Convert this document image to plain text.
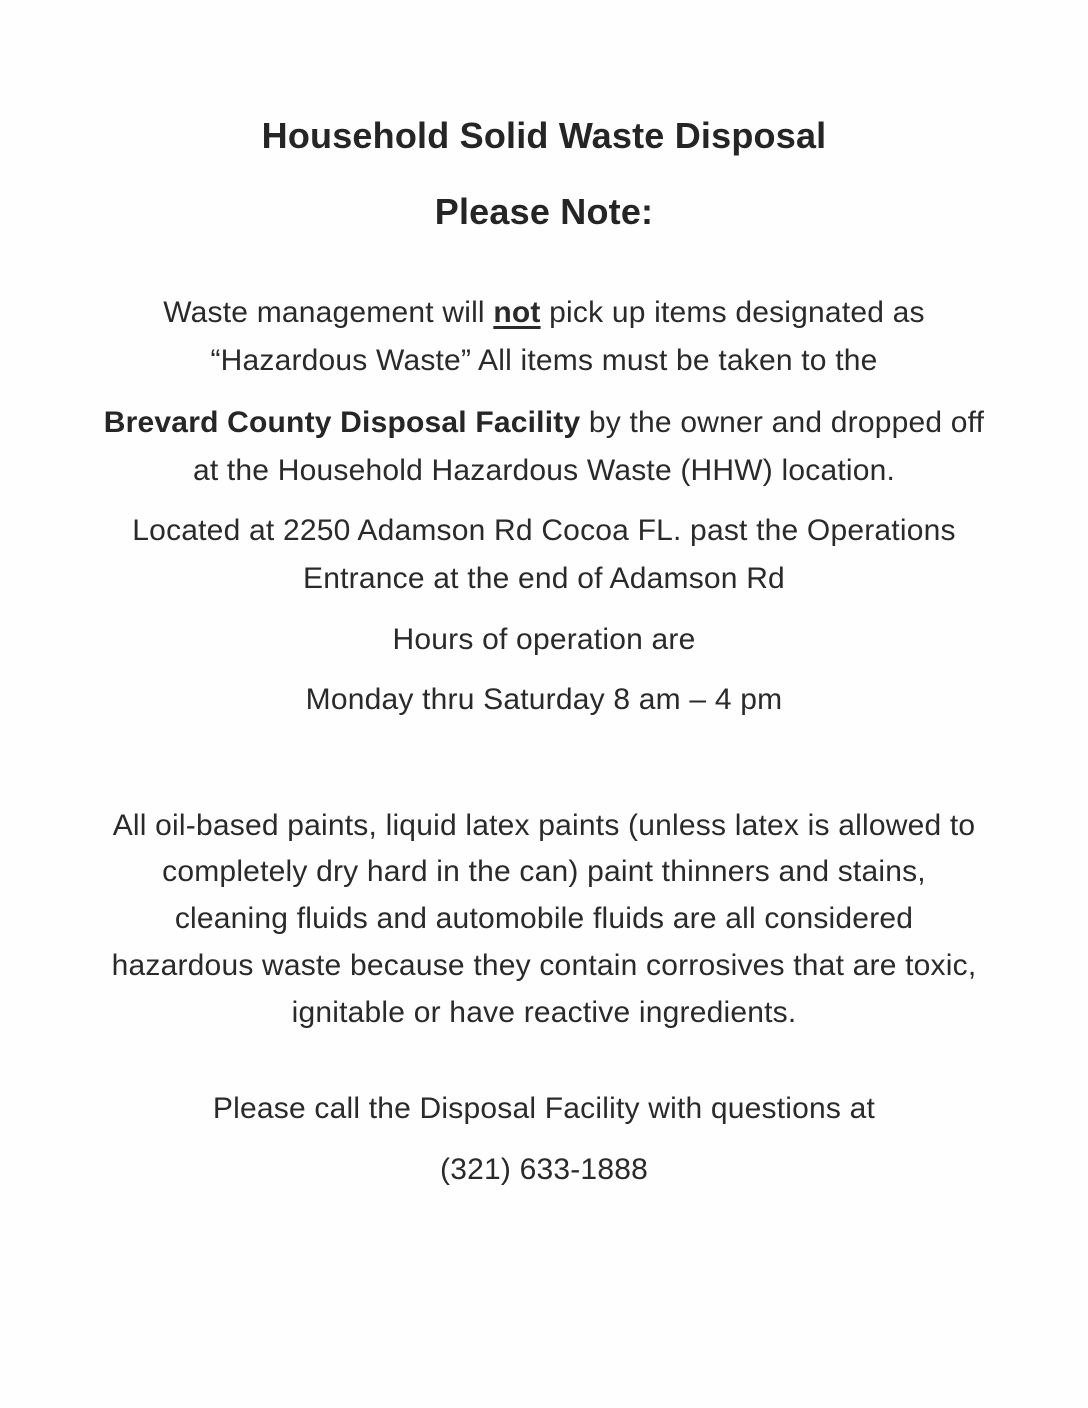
Household Solid Waste Disposal
Please Note:
Waste management will not pick up items designated as
“Hazardous Waste” All items must be taken to the
Brevard County Disposal Facility by the owner and dropped off
at the Household Hazardous Waste (HHW) location.
Located at 2250 Adamson Rd Cocoa FL. past the Operations
Entrance at the end of Adamson Rd
Hours of operation are
Monday thru Saturday 8 am – 4 pm
All oil-based paints, liquid latex paints (unless latex is allowed to
completely dry hard in the can) paint thinners and stains,
cleaning fluids and automobile fluids are all considered
hazardous waste because they contain corrosives that are toxic,
ignitable or have reactive ingredients.
Please call the Disposal Facility with questions at
(321) 633-1888
